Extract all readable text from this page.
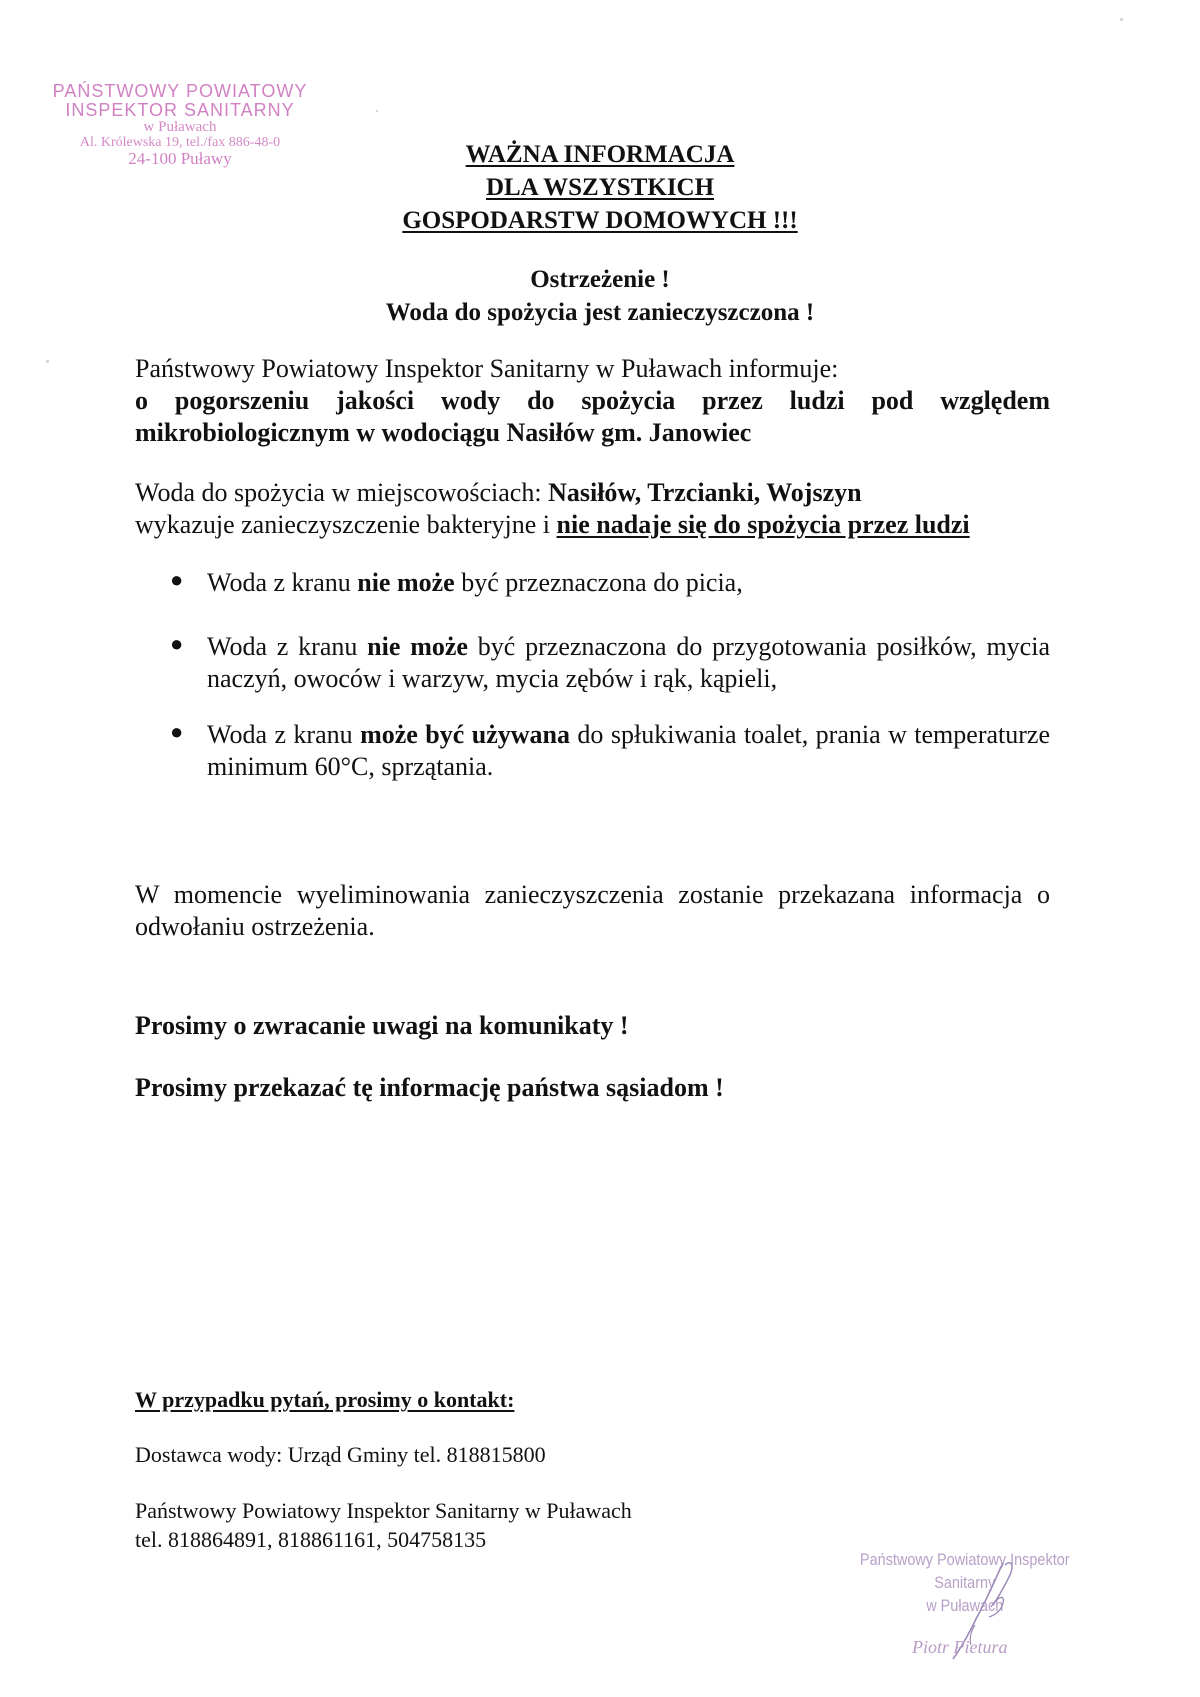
PAŃSTWOWY POWIATOWY
INSPEKTOR SANITARNY
w Puławach
Al. Królewska 19, tel./fax 886-48-0
24-100 Puławy	WAŻNA INFORMACJA
DLA WSZYSTKICH
GOSPODARSTW DOMOWYCH !!!
Ostrzeżenie !
Woda do spożycia jest zanieczyszczona !
Państwowy Powiatowy Inspektor Sanitarny w Puławach informuje:
o pogorszeniu jakości wody do spożycia przez ludzi pod względem mikrobiologicznym w wodociągu Nasiłów gm. Janowiec
Woda do spożycia w miejscowościach: Nasiłów, Trzcianki, Wojszyn
wykazuje zanieczyszczenie bakteryjne i nie nadaje się do spożycia przez ludzi
● Woda z kranu nie może być przeznaczona do picia,
● Woda z kranu nie może być przeznaczona do przygotowania posiłków, mycia naczyń, owoców i warzyw, mycia zębów i rąk, kąpieli,
● Woda z kranu może być używana do spłukiwania toalet, prania w temperaturze minimum 60°C, sprzątania.
W momencie wyeliminowania zanieczyszczenia zostanie przekazana informacja o odwołaniu ostrzeżenia.
Prosimy o zwracanie uwagi na komunikaty !
Prosimy przekazać tę informację państwa sąsiadom !
W przypadku pytań, prosimy o kontakt:
Dostawca wody: Urząd Gminy tel. 818815800
Państwowy Powiatowy Inspektor Sanitarny w Puławach
tel. 818864891, 818861161, 504758135
Państwowy Powiatowy Inspektor Sanitarny
w Puławach
Piotr Pietura
